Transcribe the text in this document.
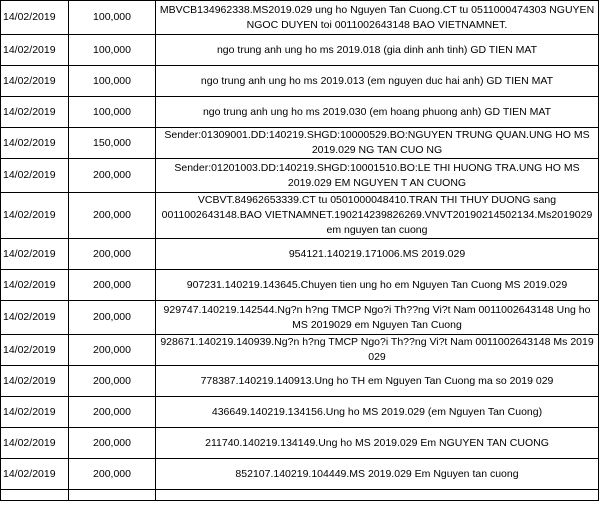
14/02/2019	100,000	MBVCB134962338.MS2019.029 ung ho Nguyen Tan Cuong.CT tu 0511000474303 NGUYEN NGOC DUYEN toi 0011002643148 BAO VIETNAMNET.
14/02/2019	100,000	ngo trung anh ung ho ms 2019.018 (gia dinh anh tinh) GD TIEN MAT
14/02/2019	100,000	ngo trung anh ung ho ms 2019.013 (em nguyen duc hai anh) GD TIEN MAT
14/02/2019	100,000	ngo trung anh ung ho ms 2019.030 (em hoang phuong anh) GD TIEN MAT
14/02/2019	150,000	Sender:01309001.DD:140219.SHGD:10000529.BO:NGUYEN TRUNG QUAN.UNG HO MS 2019.029 NG TAN CUO NG
14/02/2019	200,000	Sender:01201003.DD:140219.SHGD:10001510.BO:LE THI HUONG TRA.UNG HO MS 2019.029 EM NGUYEN T AN CUONG
14/02/2019	200,000	VCBVT.84962653339.CT tu 0501000048410.TRAN THI THUY DUONG sang 0011002643148.BAO VIETNAMNET.190214239826269.VNVT20190214502134.Ms2019029 em nguyen tan cuong
14/02/2019	200,000	954121.140219.171006.MS 2019.029
14/02/2019	200,000	907231.140219.143645.Chuyen tien ung ho em Nguyen Tan Cuong MS 2019.029
14/02/2019	200,000	929747.140219.142544.Ng?n h?ng TMCP Ngo?i Th??ng Vi?t Nam 0011002643148 Ung ho MS 2019029 em Nguyen Tan Cuong
14/02/2019	200,000	928671.140219.140939.Ng?n h?ng TMCP Ngo?i Th??ng Vi?t Nam 0011002643148 Ms 2019 029
14/02/2019	200,000	778387.140219.140913.Ung ho TH em Nguyen Tan Cuong ma so 2019 029
14/02/2019	200,000	436649.140219.134156.Ung ho MS 2019.029 (em Nguyen Tan Cuong)
14/02/2019	200,000	211740.140219.134149.Ung ho MS 2019.029 Em NGUYEN TAN CUONG
14/02/2019	200,000	852107.140219.104449.MS 2019.029 Em Nguyen tan cuong
